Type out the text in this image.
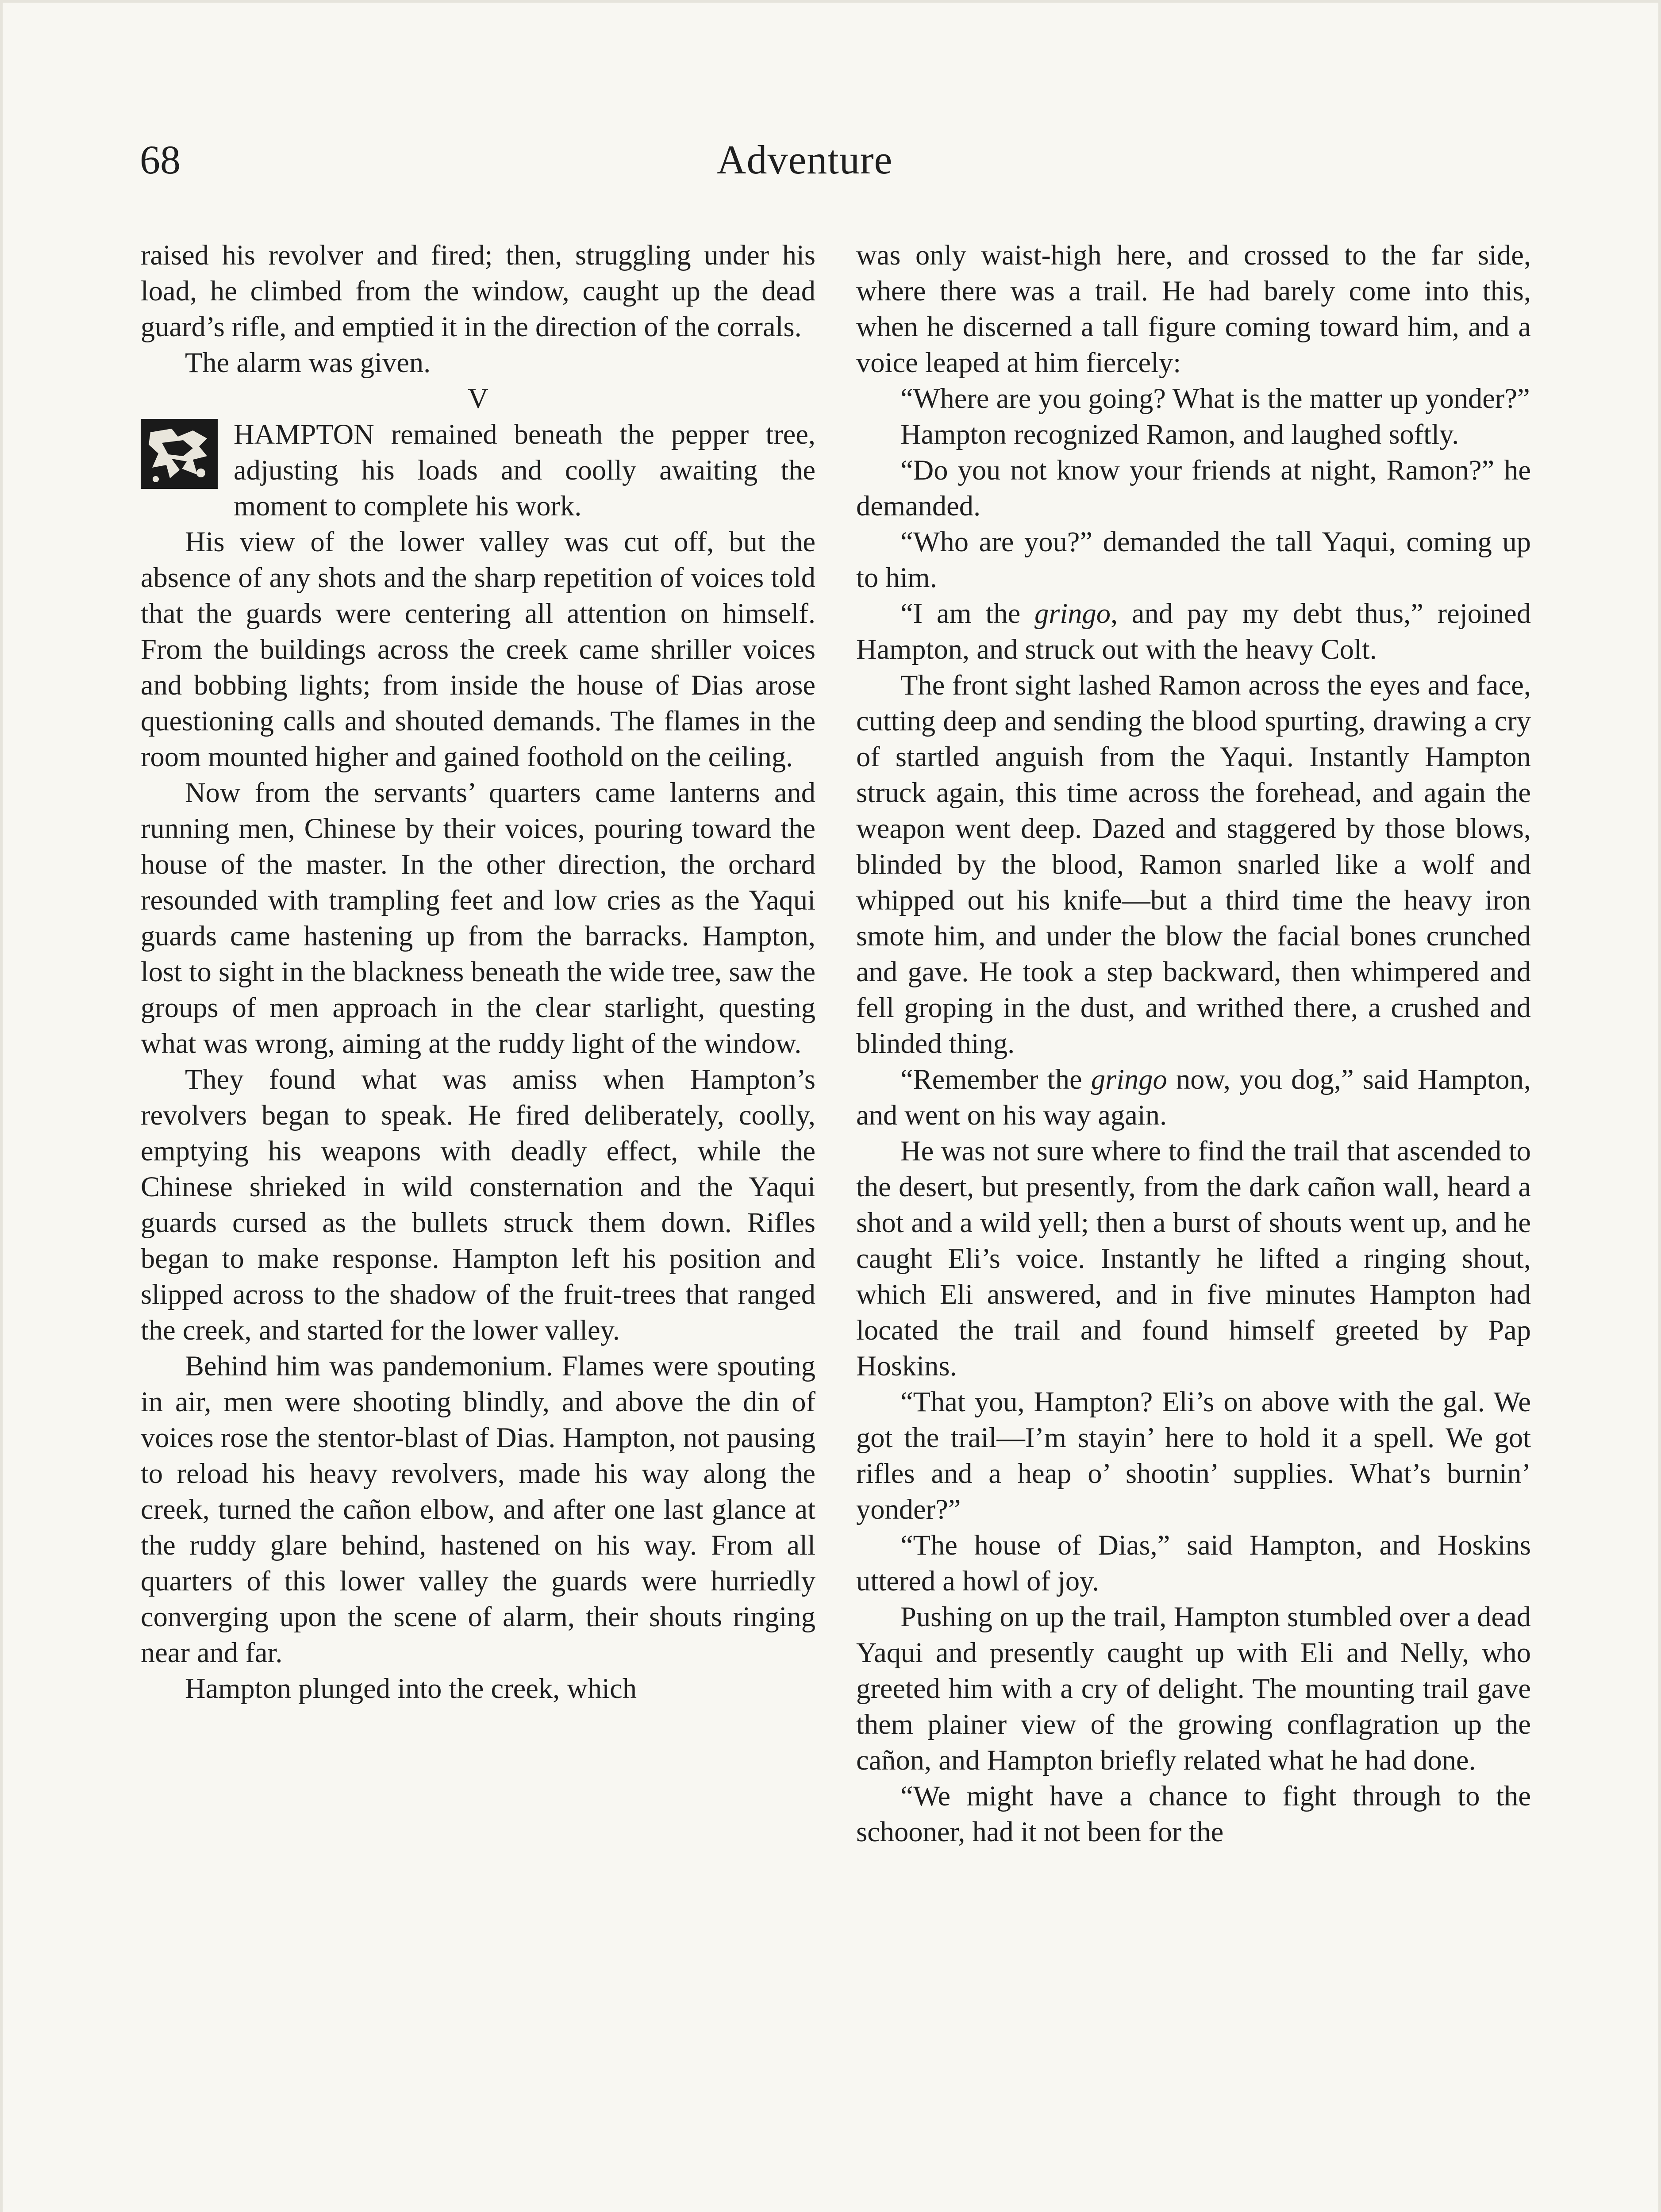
68	Adventure

raised his revolver and fired; then, struggling under his load, he climbed from the window, caught up the dead guard’s rifle, and emptied it in the direction of the corrals.

The alarm was given.

V

HAMPTON remained beneath the pepper tree, adjusting his loads and coolly awaiting the moment to complete his work.

His view of the lower valley was cut off, but the absence of any shots and the sharp repetition of voices told that the guards were centering all attention on himself. From the buildings across the creek came shriller voices and bobbing lights; from inside the house of Dias arose questioning calls and shouted demands. The flames in the room mounted higher and gained foothold on the ceiling.

Now from the servants’ quarters came lanterns and running men, Chinese by their voices, pouring toward the house of the master. In the other direction, the orchard resounded with trampling feet and low cries as the Yaqui guards came hastening up from the barracks. Hampton, lost to sight in the blackness beneath the wide tree, saw the groups of men approach in the clear starlight, questing what was wrong, aiming at the ruddy light of the window.

They found what was amiss when Hampton’s revolvers began to speak. He fired deliberately, coolly, emptying his weapons with deadly effect, while the Chinese shrieked in wild consternation and the Yaqui guards cursed as the bullets struck them down. Rifles began to make response. Hampton left his position and slipped across to the shadow of the fruit-trees that ranged the creek, and started for the lower valley.

Behind him was pandemonium. Flames were spouting in air, men were shooting blindly, and above the din of voices rose the stentor-blast of Dias. Hampton, not pausing to reload his heavy revolvers, made his way along the creek, turned the cañon elbow, and after one last glance at the ruddy glare behind, hastened on his way. From all quarters of this lower valley the guards were hurriedly converging upon the scene of alarm, their shouts ringing near and far.

Hampton plunged into the creek, which

was only waist-high here, and crossed to the far side, where there was a trail. He had barely come into this, when he discerned a tall figure coming toward him, and a voice leaped at him fiercely:

“Where are you going? What is the matter up yonder?”

Hampton recognized Ramon, and laughed softly.

“Do you not know your friends at night, Ramon?” he demanded.

“Who are you?” demanded the tall Yaqui, coming up to him.

“I am the gringo, and pay my debt thus,” rejoined Hampton, and struck out with the heavy Colt.

The front sight lashed Ramon across the eyes and face, cutting deep and sending the blood spurting, drawing a cry of startled anguish from the Yaqui. Instantly Hampton struck again, this time across the forehead, and again the weapon went deep. Dazed and staggered by those blows, blinded by the blood, Ramon snarled like a wolf and whipped out his knife—but a third time the heavy iron smote him, and under the blow the facial bones crunched and gave. He took a step backward, then whimpered and fell groping in the dust, and writhed there, a crushed and blinded thing.

“Remember the gringo now, you dog,” said Hampton, and went on his way again.

He was not sure where to find the trail that ascended to the desert, but presently, from the dark cañon wall, heard a shot and a wild yell; then a burst of shouts went up, and he caught Eli’s voice. Instantly he lifted a ringing shout, which Eli answered, and in five minutes Hampton had located the trail and found himself greeted by Pap Hoskins.

“That you, Hampton? Eli’s on above with the gal. We got the trail—I’m stayin’ here to hold it a spell. We got rifles and a heap o’ shootin’ supplies. What’s burnin’ yonder?”

“The house of Dias,” said Hampton, and Hoskins uttered a howl of joy.

Pushing on up the trail, Hampton stumbled over a dead Yaqui and presently caught up with Eli and Nelly, who greeted him with a cry of delight. The mounting trail gave them plainer view of the growing conflagration up the cañon, and Hampton briefly related what he had done.

“We might have a chance to fight through to the schooner, had it not been for the
